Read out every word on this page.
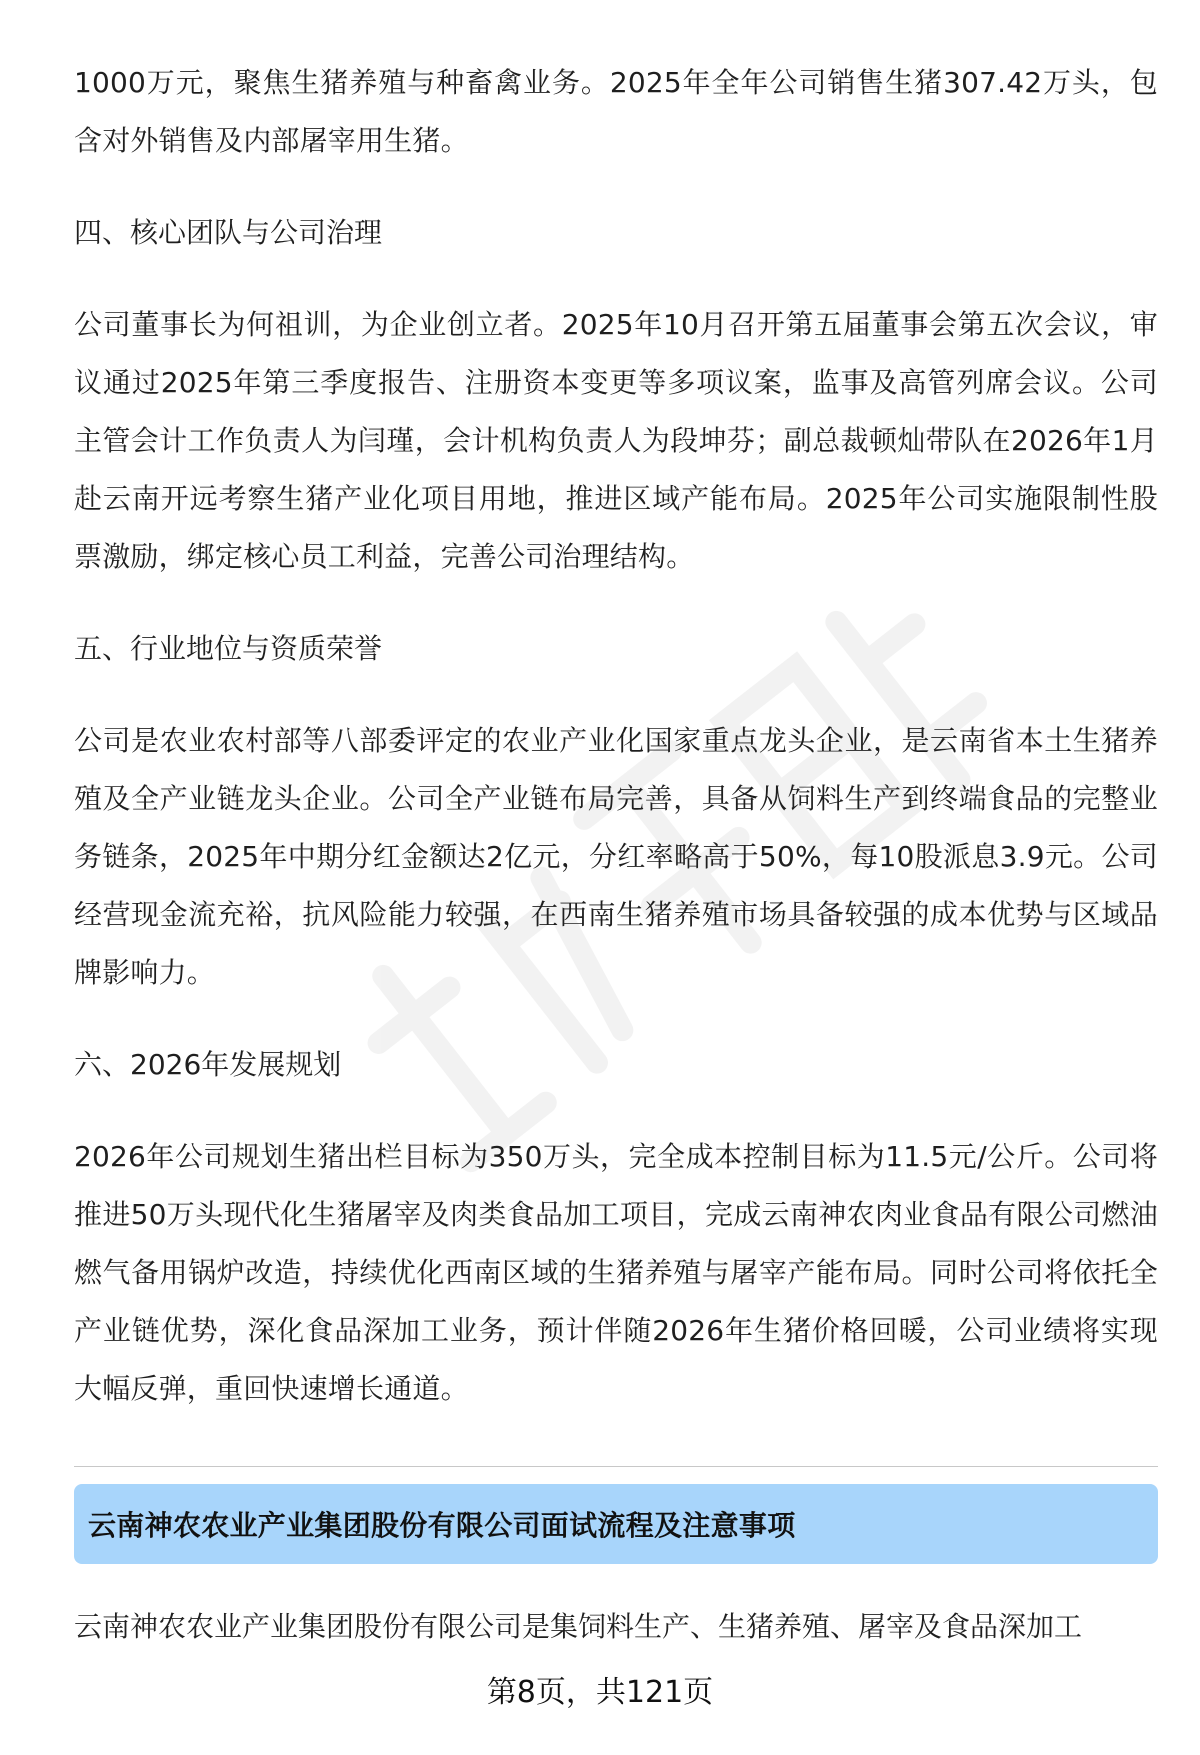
1000万元，聚焦生猪养殖与种畜禽业务。2025年全年公司销售生猪307.42万头，包含对外销售及内部屠宰用生猪。

四、核心团队与公司治理

公司董事长为何祖训，为企业创立者。2025年10月召开第五届董事会第五次会议，审议通过2025年第三季度报告、注册资本变更等多项议案，监事及高管列席会议。公司主管会计工作负责人为闫瑾，会计机构负责人为段坤芬；副总裁顿灿带队在2026年1月赴云南开远考察生猪产业化项目用地，推进区域产能布局。2025年公司实施限制性股票激励，绑定核心员工利益，完善公司治理结构。

五、行业地位与资质荣誉

公司是农业农村部等八部委评定的农业产业化国家重点龙头企业，是云南省本土生猪养殖及全产业链龙头企业。公司全产业链布局完善，具备从饲料生产到终端食品的完整业务链条，2025年中期分红金额达2亿元，分红率略高于50%，每10股派息3.9元。公司经营现金流充裕，抗风险能力较强，在西南生猪养殖市场具备较强的成本优势与区域品牌影响力。

六、2026年发展规划

2026年公司规划生猪出栏目标为350万头，完全成本控制目标为11.5元/公斤。公司将推进50万头现代化生猪屠宰及肉类食品加工项目，完成云南神农肉业食品有限公司燃油燃气备用锅炉改造，持续优化西南区域的生猪养殖与屠宰产能布局。同时公司将依托全产业链优势，深化食品深加工业务，预计伴随2026年生猪价格回暖，公司业绩将实现大幅反弹，重回快速增长通道。

云南神农农业产业集团股份有限公司面试流程及注意事项

云南神农农业产业集团股份有限公司是集饲料生产、生猪养殖、屠宰及食品深加工

第8页，共121页
